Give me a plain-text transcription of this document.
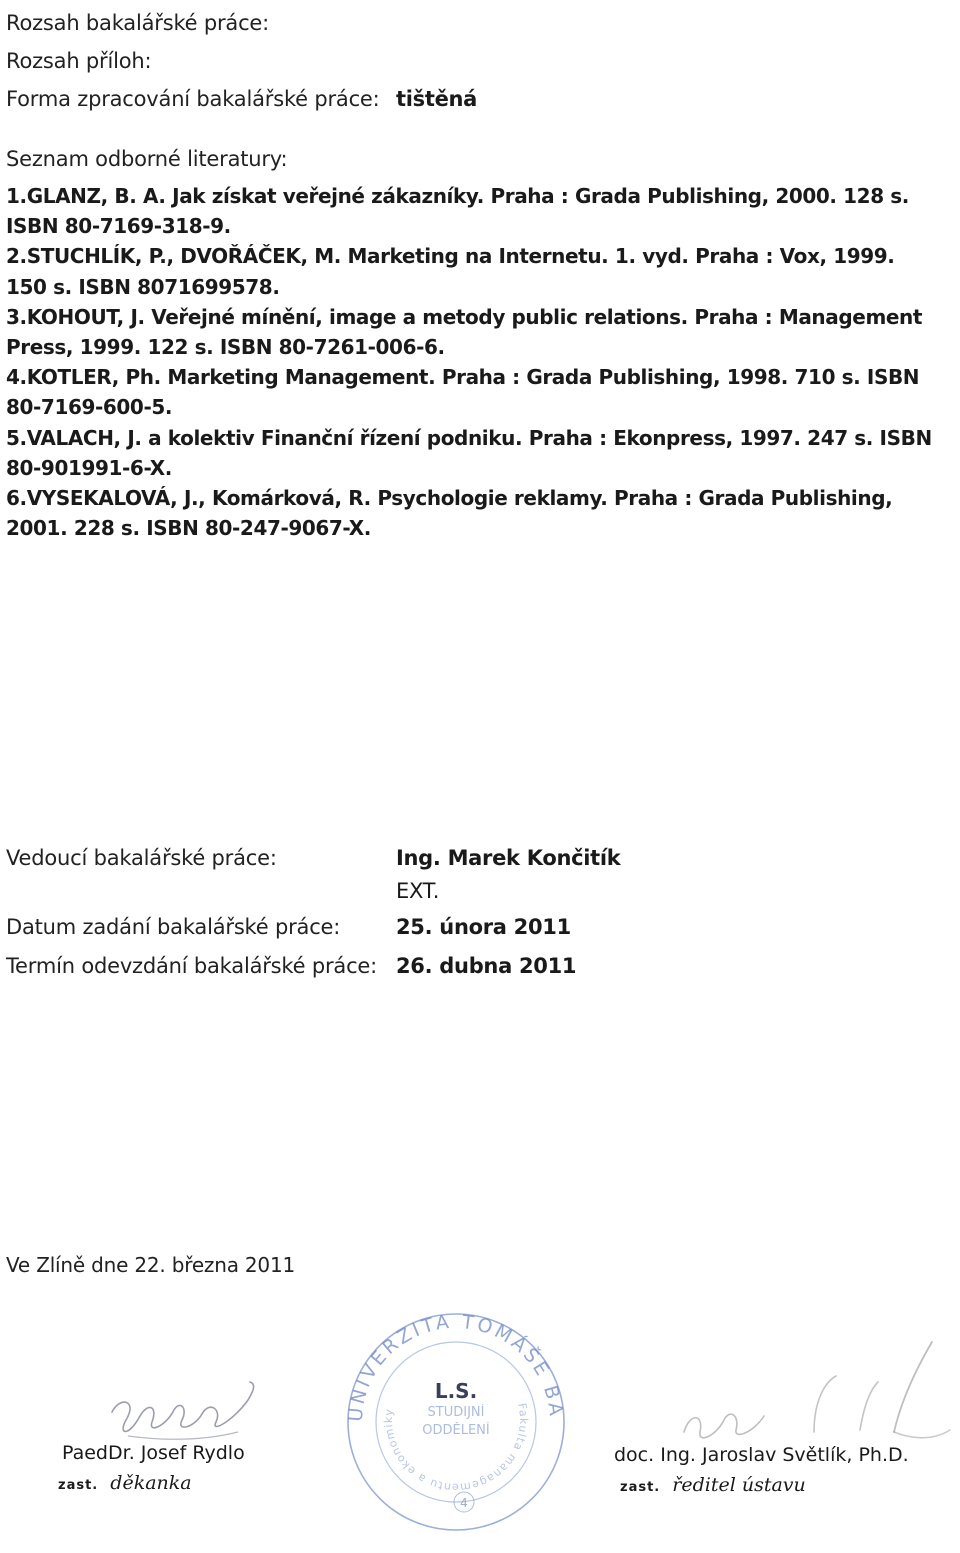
Rozsah bakalářské práce:
Rozsah příloh:
Forma zpracování bakalářské práce: tištěná
Seznam odborné literatury:

1.GLANZ, B. A. Jak získat veřejné zákazníky. Praha : Grada Publishing, 2000. 128 s. ISBN 80-7169-318-9.

2.STUCHLÍK, P., DVOŘÁČEK, M. Marketing na Internetu. 1. vyd. Praha : Vox, 1999. 150 s. ISBN 8071699578.

3.KOHOUT, J. Veřejné mínění, image a metody public relations. Praha : Management Press, 1999. 122 s. ISBN 80-7261-006-6.

4.KOTLER, Ph. Marketing Management. Praha : Grada Publishing, 1998. 710 s. ISBN 80-7169-600-5.

5.VALACH, J. a kolektiv Finanční řízení podniku. Praha : Ekonpress, 1997. 247 s. ISBN 80-901991-6-X.

6.VYSEKALOVÁ, J., Komárková, R. Psychologie reklamy. Praha : Grada Publishing, 2001. 228 s. ISBN 80-247-9067-X.

Vedoucí bakalářské práce:	Ing. Marek Končitík
EXT.
Datum zadání bakalářské práce:	25. února 2011
Termín odevzdání bakalářské práce: 26. dubna 2011
Ve Zlíně dne 22. března 2011
UNIVERZITA TOMÁŠE BATI VE ZLÍNĚ
Fakulta managementu a ekonomiky
L.S.
STUDIJNÍ
ODDĚLENÍ
4
PaedDr. Josef Rydlo
zast. děkanka
doc. Ing. Jaroslav Světlík, Ph.D.
zast. ředitel ústavu
